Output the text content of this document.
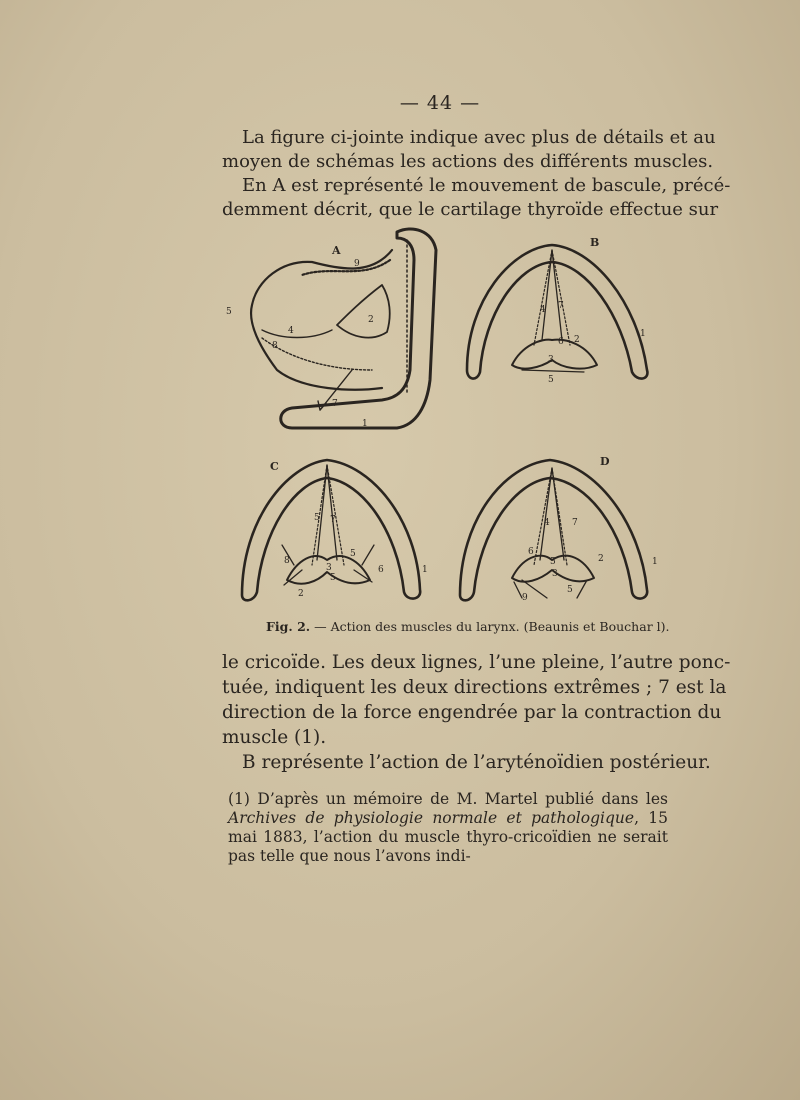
— 44 —
La figure ci-jointe indique avec plus de détails et au
moyen de schémas les actions des différents muscles.
En A est représenté le mouvement de bascule, précé-
demment décrit, que le cartilage thyroïde effectue sur
A
B
C	D
9
5
4
8
2
7
1
4 7
6 2
3
5
1
5 7
8
5
3
5
6	1
2
4 7
6
5	2
3
1
9
5
Fig. 2. — Action des muscles du larynx. (Beaunis et Bouchar l).
le cricoïde. Les deux lignes, l’une pleine, l’autre ponc-
tuée, indiquent les deux directions extrêmes ; 7 est la
direction de la force engendrée par la contraction du
muscle (1).
B représente l’action de l’aryténoïdien postérieur.
(1) D’après un mémoire de M. Martel publié dans les Archives de physiologie normale et pathologique, 15 mai 1883, l’action du muscle thyro-cricoïdien ne serait pas telle que nous l’avons indi-
